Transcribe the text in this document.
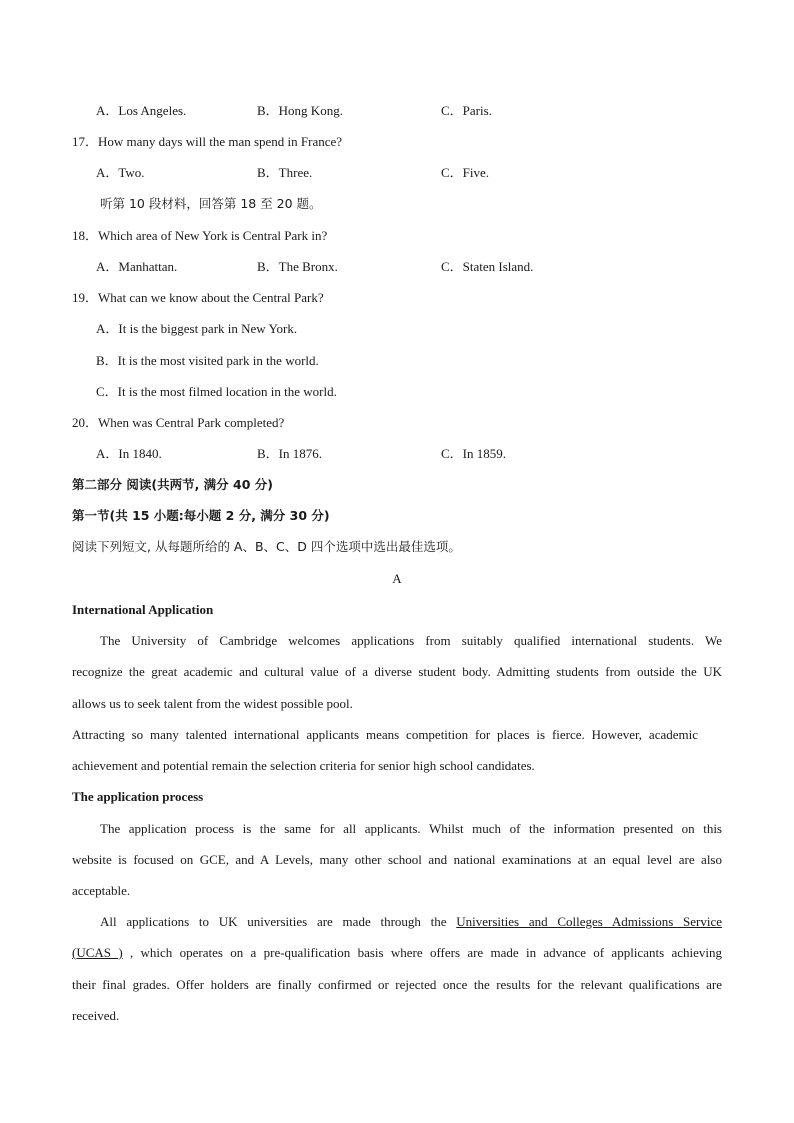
A．Los Angeles.	B．Hong Kong.	C．Paris.
17．How many days will the man spend in France?
A．Two.	B．Three.	C．Five.
听第 10 段材料，回答第 18 至 20 题。
18．Which area of New York is Central Park in?
A．Manhattan.	B．The Bronx.	C．Staten Island.
19．What can we know about the Central Park?
A．It is the biggest park in New York.
B．It is the most visited park in the world.
C．It is the most filmed location in the world.
20．When was Central Park completed?
A．In 1840.	B．In 1876.	C．In 1859.
第二部分 阅读(共两节, 满分 40 分)
第一节(共 15 小题:每小题 2 分, 满分 30 分)
阅读下列短文, 从每题所给的 A、B、C、D 四个选项中选出最佳选项。
A
International Application
The University of Cambridge welcomes applications from suitably qualified international students. We
recognize the great academic and cultural value of a diverse student body. Admitting students from outside the UK
allows us to seek talent from the widest possible pool.
Attracting so many talented international applicants means competition for places is fierce. However, academic
achievement and potential remain the selection criteria for senior high school candidates.
The application process
The application process is the same for all applicants. Whilst much of the information presented on this
website is focused on GCE, and A Levels, many other school and national examinations at an equal level are also
acceptable.
All applications to UK universities are made through the Universities and Colleges Admissions Service
(UCAS ) , which operates on a pre-qualification basis where offers are made in advance of applicants achieving
their final grades. Offer holders are finally confirmed or rejected once the results for the relevant qualifications are
received.
